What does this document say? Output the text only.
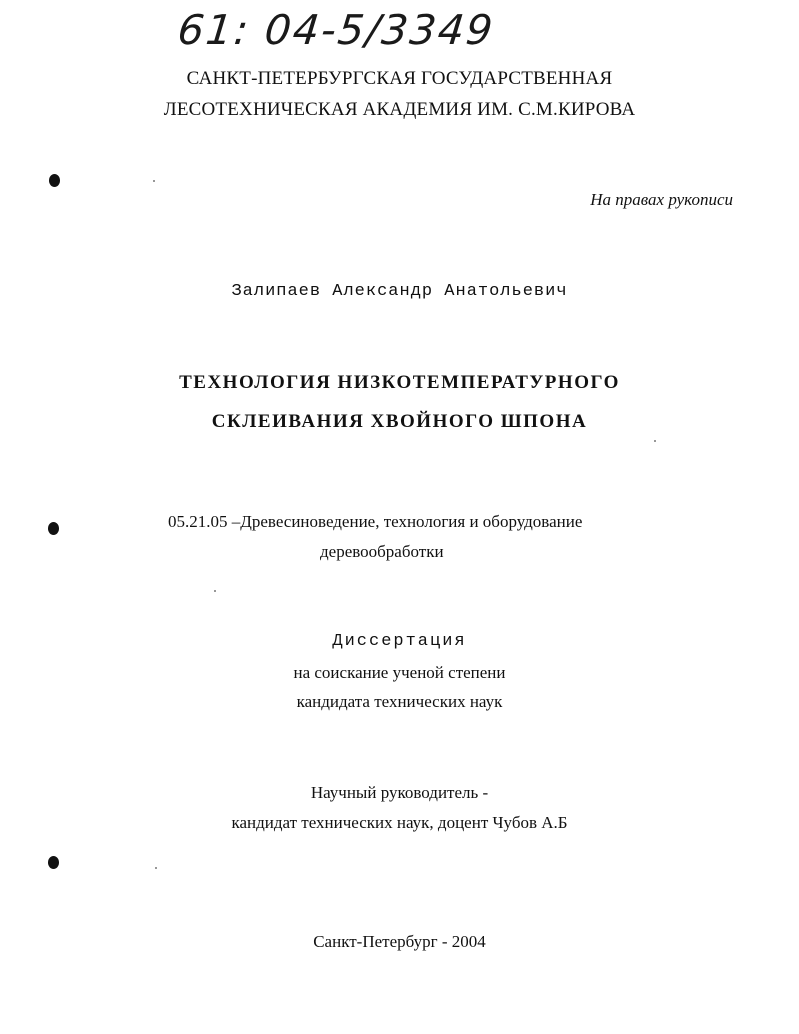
61: 04-5/3349
САНКТ-ПЕТЕРБУРГСКАЯ ГОСУДАРСТВЕННАЯ
ЛЕСОТЕХНИЧЕСКАЯ АКАДЕМИЯ ИМ. С.М.КИРОВА
На правах рукописи
Залипаев Александр Анатольевич
ТЕХНОЛОГИЯ НИЗКОТЕМПЕРАТУРНОГО
СКЛЕИВАНИЯ ХВОЙНОГО ШПОНА
05.21.05 –Древесиноведение, технология и оборудование
деревообработки
Диссертация
на соискание ученой степени
кандидата технических наук
Научный руководитель -
кандидат технических наук, доцент Чубов А.Б
Санкт-Петербург - 2004
